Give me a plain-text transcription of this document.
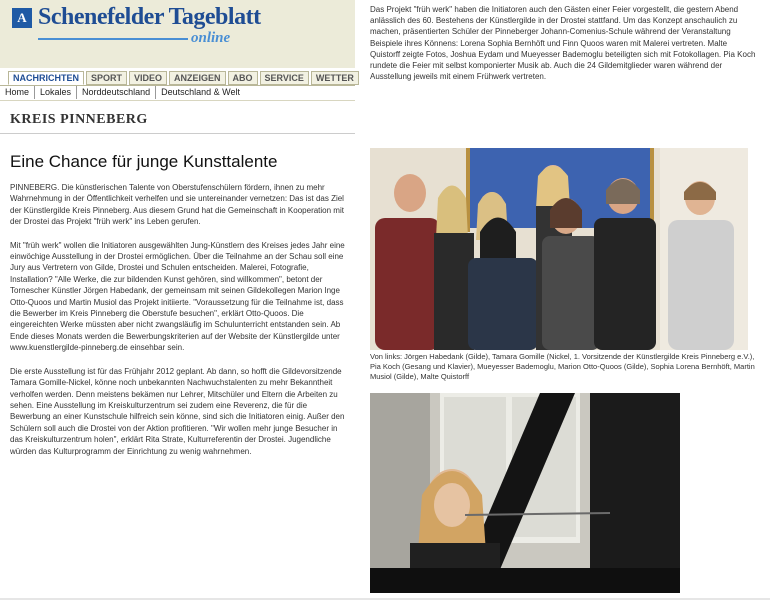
A Schenefelder Tageblatt
online
NACHRICHTEN	SPORT	VIDEO	ANZEIGEN	ABO	SERVICE	WETTER
Home Lokales Norddeutschland Deutschland & Welt
KREIS PINNEBERG
Eine Chance für junge Kunsttalente

PINNEBERG. Die künstlerischen Talente von Oberstufenschülern fördern, ihnen zu mehr Wahrnehmung in der Öffentlichkeit verhelfen und sie untereinander vernetzen: Das ist das Ziel der Künstlergilde Kreis Pinneberg. Aus diesem Grund hat die Gemeinschaft in Kooperation mit der Drostei das Projekt "früh werk" ins Leben gerufen.

Mit "früh werk" wollen die Initiatoren ausgewählten Jung-Künstlern des Kreises jedes Jahr eine einwöchige Ausstellung in der Drostei ermöglichen. Über die Teilnahme an der Schau soll eine Jury aus Vertretern von Gilde, Drostei und Schulen entscheiden. Malerei, Fotografie, Installation? "Alle Werke, die zur bildenden Kunst gehören, sind willkommen", betont der Tornescher Künstler Jörgen Habedank, der gemeinsam mit seinen Gildekollegen Marion Inge Otto-Quoos und Martin Musiol das Projekt initiierte. "Voraussetzung für die Teilnahme ist, dass die Bewerber im Kreis Pinneberg die Oberstufe besuchen", erklärt Otto-Quoos. Die eingereichten Werke müssten aber nicht zwangsläufig im Schulunterricht entstanden sein. Ab Ende dieses Monats werden die Bewerbungskriterien auf der Website der Künstlergilde unter www.kuenstlergilde-pinneberg.de einsehbar sein.

Die erste Ausstellung ist für das Frühjahr 2012 geplant. Ab dann, so hofft die Gildevorsitzende Tamara Gomille-Nickel, könne noch unbekannten Nachwuchstalenten zu mehr Bekanntheit verholfen werden. Denn meistens bekämen nur Lehrer, Mitschüler und Eltern die Arbeiten zu sehen. Eine Ausstellung im Kreiskulturzentrum sei zudem eine Reverenz, die für die Bewerbung an einer Kunstschule hilfreich sein könne, sind sich die Initiatoren einig. Außer den Schülern soll auch die Drostei von der Aktion profitieren. "Wir wollen mehr junge Besucher in das Kreiskulturzentrum holen", erklärt Rita Strate, Kulturreferentin der Drostei. Jugendliche würden das Kulturprogramm der Einrichtung zu wenig wahrnehmen.

Das Projekt "früh werk" haben die Initiatoren auch den Gästen einer Feier vorgestellt, die gestern Abend anlässlich des 60. Bestehens der Künstlergilde in der Drostei stattfand. Um das Konzept anschaulich zu machen, präsentierten Schüler der Pinneberger Johann-Comenius-Schule während der Veranstaltung Beispiele ihres Könnens: Lorena Sophia Bernhöft und Finn Quoos waren mit Malerei vertreten. Malte Quistorff zeigte Fotos, Joshua Eydam und Mueyesser Bademoglu beteiligten sich mit Fotokollagen. Pia Koch rundete die Feier mit selbst komponierter Musik ab. Auch die 24 Gildemitglieder waren während der Ausstellung jeweils mit einem Frühwerk vertreten.
Von links: Jörgen Habedank (Gilde), Tamara Gomille (Nickel, 1. Vorsitzende der Künstlergilde Kreis Pinneberg e.V.), Pia Koch (Gesang und Klavier), Mueyesser Bademoglu, Marion Otto-Quoos (Gilde), Sophia Lorena Bernhöft, Martin Musiol (Gilde), Malte Quistorff
